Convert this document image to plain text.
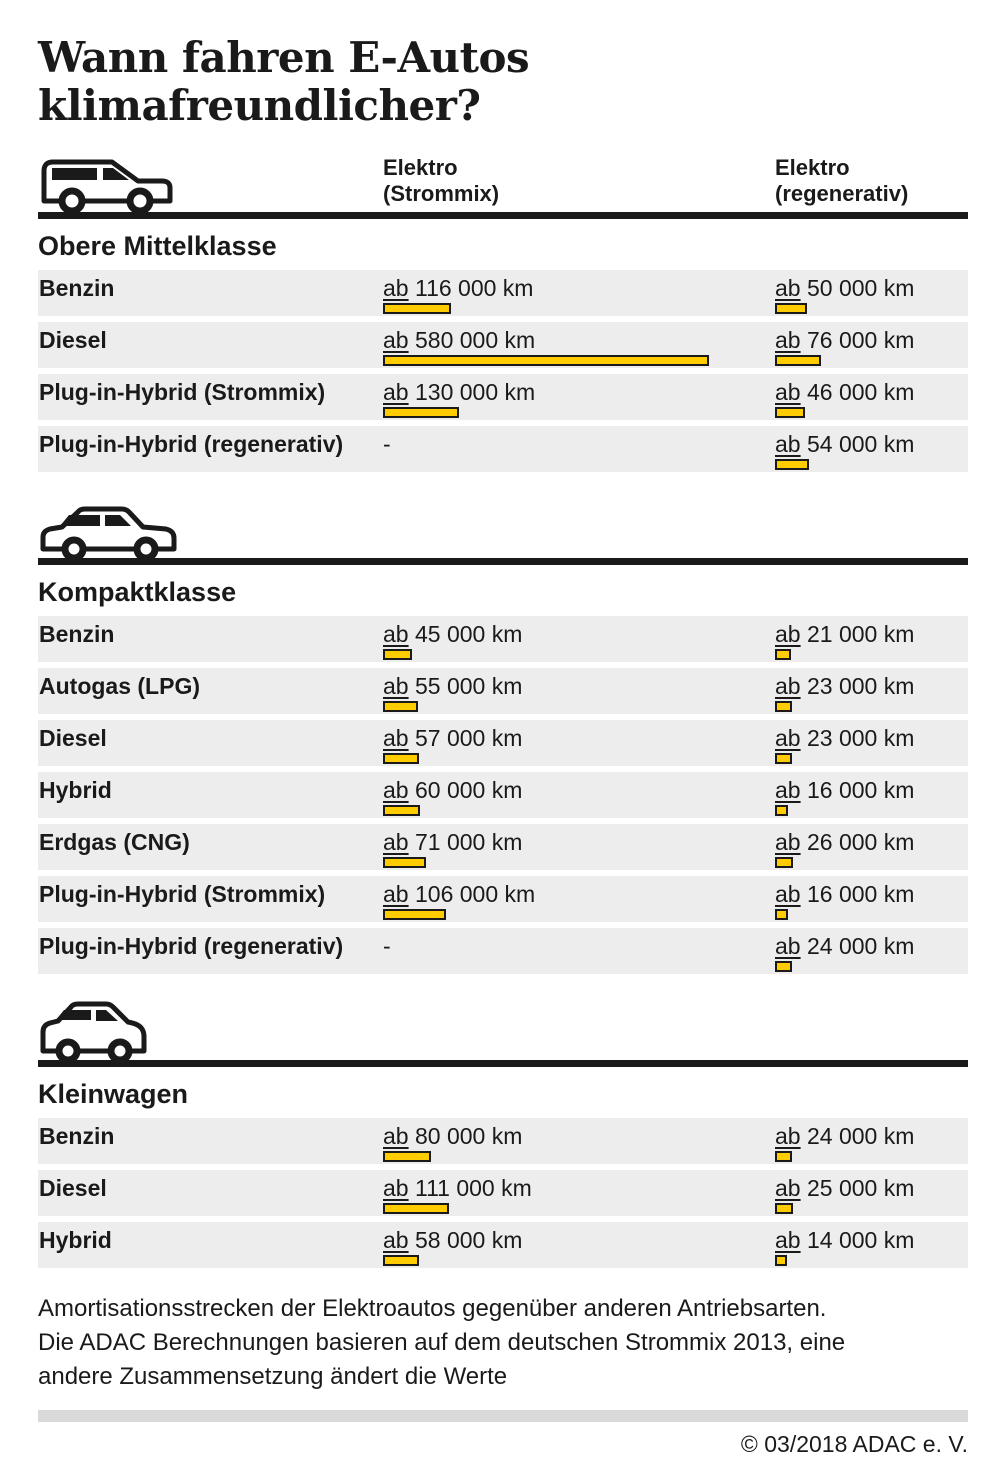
Wann fahren E-Autos klimafreundlicher?
Elektro
(Strommix)
Elektro
(regenerativ)
Obere Mittelklasse
Benzin	ab 116 000 km	ab 50 000 km
Diesel	ab 580 000 km	ab 76 000 km
Plug-in-Hybrid (Strommix)	ab 130 000 km	ab 46 000 km
Plug-in-Hybrid (regenerativ)	-	ab 54 000 km
Kompaktklasse
Benzin	ab 45 000 km	ab 21 000 km
Autogas (LPG)	ab 55 000 km	ab 23 000 km
Diesel	ab 57 000 km	ab 23 000 km
Hybrid	ab 60 000 km	ab 16 000 km
Erdgas (CNG)	ab 71 000 km	ab 26 000 km
Plug-in-Hybrid (Strommix)	ab 106 000 km	ab 16 000 km
Plug-in-Hybrid (regenerativ)	-	ab 24 000 km
Kleinwagen
Benzin	ab 80 000 km	ab 24 000 km
Diesel	ab 111 000 km	ab 25 000 km
Hybrid	ab 58 000 km	ab 14 000 km
Amortisationsstrecken der Elektroautos gegenüber anderen Antriebsarten.
Die ADAC Berechnungen basieren auf dem deutschen Strommix 2013, eine
andere Zusammensetzung ändert die Werte
© 03/2018 ADAC e. V.
